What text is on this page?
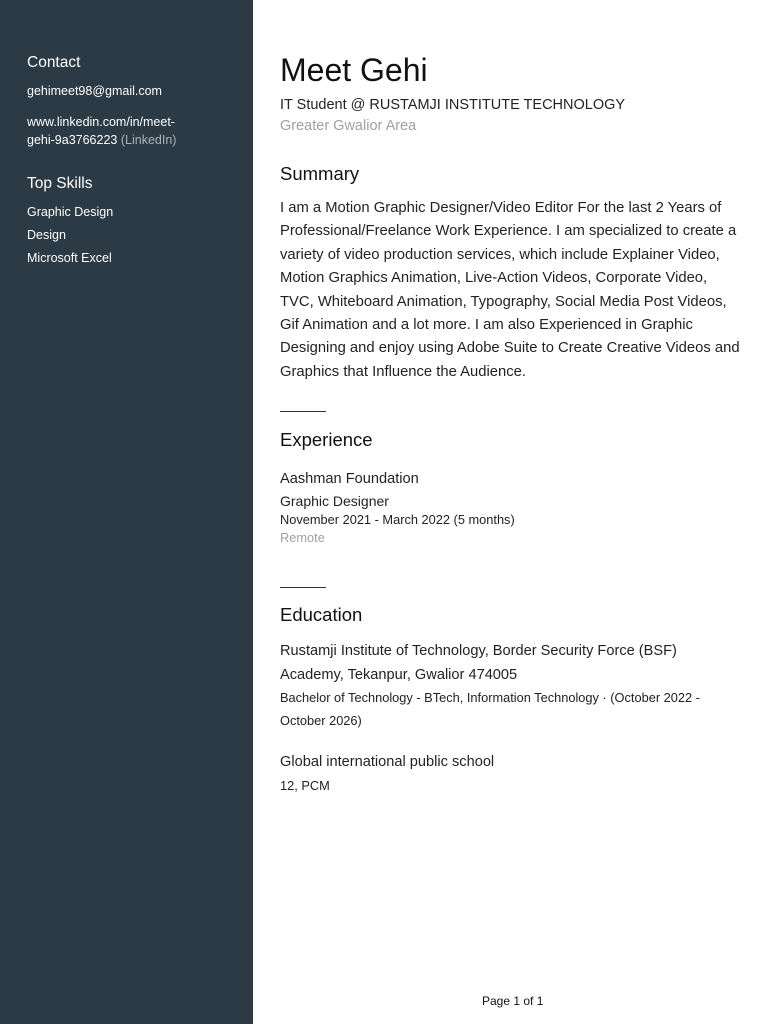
Contact
gehimeet98@gmail.com
www.linkedin.com/in/meet-gehi-9a3766223 (LinkedIn)
Top Skills
Graphic Design
Design
Microsoft Excel
Meet Gehi
IT Student @ RUSTAMJI INSTITUTE TECHNOLOGY
Greater Gwalior Area
Summary

I am a Motion Graphic Designer/Video Editor For the last 2 Years of Professional/Freelance Work Experience. I am specialized to create a variety of video production services, which include Explainer Video, Motion Graphics Animation, Live-Action Videos, Corporate Video, TVC, Whiteboard Animation, Typography, Social Media Post Videos, Gif Animation and a lot more. I am also Experienced in Graphic Designing and enjoy using Adobe Suite to Create Creative Videos and Graphics that Influence the Audience.

Experience
Aashman Foundation
Graphic Designer
November 2021 - March 2022 (5 months)
Remote
Education
Rustamji Institute of Technology, Border Security Force (BSF) Academy, Tekanpur, Gwalior 474005
Bachelor of Technology - BTech, Information Technology · (October 2022 - October 2026)
Global international public school
12, PCM
Page 1 of 1
